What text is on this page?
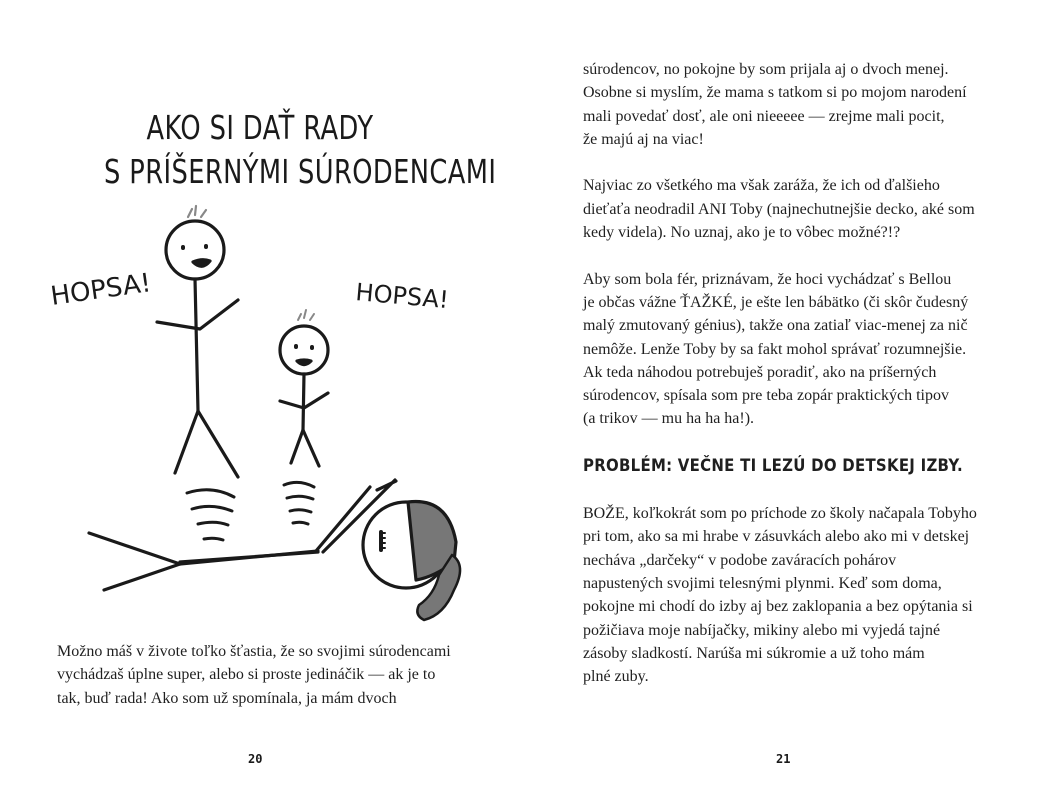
AKO SI DAŤ RADY
S PRÍŠERNÝMI SÚRODENCAMI
HOPSA!	HOPSA!
Možno máš v živote toľko šťastia, že so svojimi súrodencami
vychádzaš úplne super, alebo si proste jedináčik — ak je to
tak, buď rada! Ako som už spomínala, ja mám dvoch
20

súrodencov, no pokojne by som prijala aj o dvoch menej.
Osobne si myslím, že mama s tatkom si po mojom narodení
mali povedať dosť, ale oni nieeeee — zrejme mali pocit,
že majú aj na viac!

Najviac zo všetkého ma však zaráža, že ich od ďalšieho
dieťaťa neodradil ANI Toby (najnechutnejšie decko, aké som
kedy videla). No uznaj, ako je to vôbec možné?!?

Aby som bola fér, priznávam, že hoci vychádzať s Bellou
je občas vážne ŤAŽKÉ, je ešte len bábätko (či skôr čudesný
malý zmutovaný génius), takže ona zatiaľ viac-menej za nič
nemôže. Lenže Toby by sa fakt mohol správať rozumnejšie.
Ak teda náhodou potrebuješ poradiť, ako na príšerných
súrodencov, spísala som pre teba zopár praktických tipov
(a trikov — mu ha ha ha!).

PROBLÉM: VEČNE TI LEZÚ DO DETSKEJ IZBY.

BOŽE, koľkokrát som po príchode zo školy načapala Tobyho
pri tom, ako sa mi hrabe v zásuvkách alebo ako mi v detskej
necháva „darčeky“ v podobe zaváracích pohárov
napustených svojimi telesnými plynmi. Keď som doma,
pokojne mi chodí do izby aj bez zaklopania a bez opýtania si
požičiava moje nabíjačky, mikiny alebo mi vyjedá tajné
zásoby sladkostí. Narúša mi súkromie a už toho mám
plné zuby.

21
